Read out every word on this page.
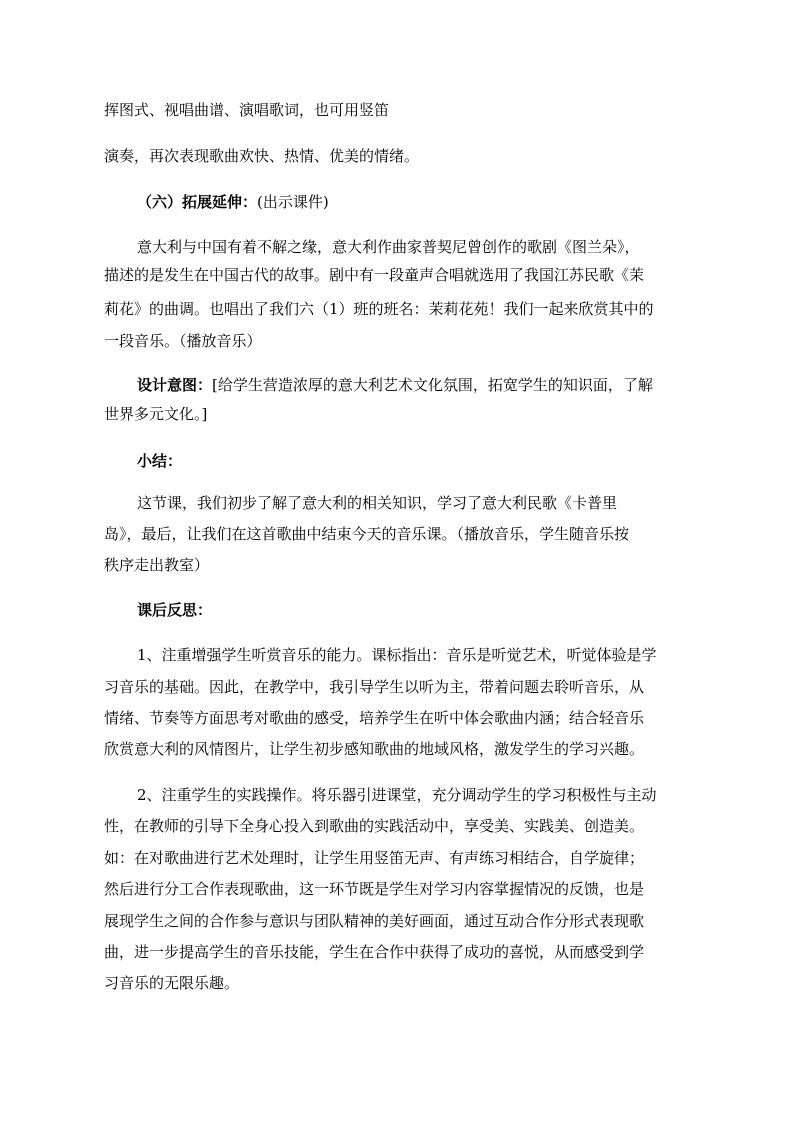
挥图式、视唱曲谱、演唱歌词，也可用竖笛
演奏，再次表现歌曲欢快、热情、优美的情绪。
（六）拓展延伸：(出示课件)
意大利与中国有着不解之缘，意大利作曲家普契尼曾创作的歌剧《图兰朵》，
描述的是发生在中国古代的故事。剧中有一段童声合唱就选用了我国江苏民歌《茉
莉花》的曲调。也唱出了我们六（1）班的班名：茉莉花苑！我们一起来欣赏其中的
一段音乐。（播放音乐）
设计意图：[给学生营造浓厚的意大利艺术文化氛围，拓宽学生的知识面，了解
世界多元文化。]
小结：
这节课，我们初步了解了意大利的相关知识，学习了意大利民歌《卡普里
岛》，最后，让我们在这首歌曲中结束今天的音乐课。（播放音乐，学生随音乐按
秩序走出教室）
课后反思：
1、注重增强学生听赏音乐的能力。课标指出：音乐是听觉艺术，听觉体验是学
习音乐的基础。因此，在教学中，我引导学生以听为主，带着问题去聆听音乐，从
情绪、节奏等方面思考对歌曲的感受，培养学生在听中体会歌曲内涵；结合轻音乐
欣赏意大利的风情图片，让学生初步感知歌曲的地域风格，激发学生的学习兴趣。
2、注重学生的实践操作。将乐器引进课堂，充分调动学生的学习积极性与主动
性，在教师的引导下全身心投入到歌曲的实践活动中，享受美、实践美、创造美。
如：在对歌曲进行艺术处理时，让学生用竖笛无声、有声练习相结合，自学旋律；
然后进行分工合作表现歌曲，这一环节既是学生对学习内容掌握情况的反馈，也是
展现学生之间的合作参与意识与团队精神的美好画面，通过互动合作分形式表现歌
曲，进一步提高学生的音乐技能，学生在合作中获得了成功的喜悦，从而感受到学
习音乐的无限乐趣。
